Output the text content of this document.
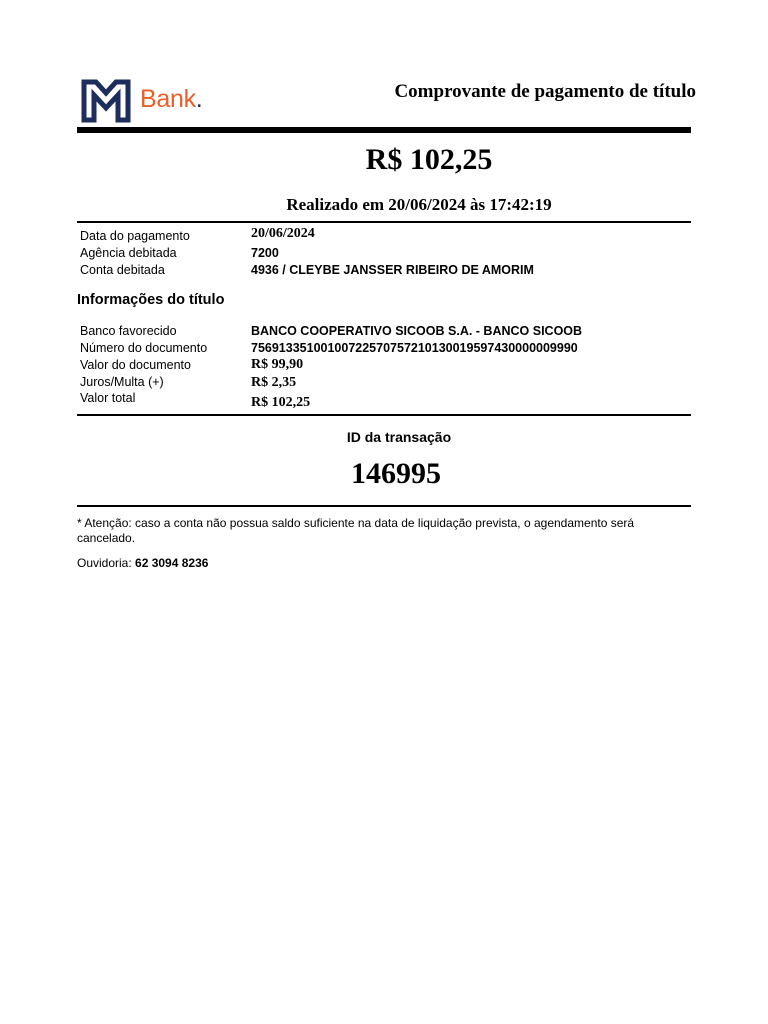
Bank.	Comprovante de pagamento de título
R$ 102,25
Realizado em 20/06/2024 às 17:42:19
Data do pagamento	20/06/2024
Agência debitada	7200
Conta debitada	4936 / CLEYBE JANSSER RIBEIRO DE AMORIM
Informações do título
Banco favorecido	BANCO COOPERATIVO SICOOB S.A. - BANCO SICOOB
Número do documento	75691335100100722570757210130019597430000009990
Valor do documento	R$ 99,90
Juros/Multa (+)	R$ 2,35
Valor total	R$ 102,25
ID da transação
146995
* Atenção: caso a conta não possua saldo suficiente na data de liquidação prevista, o agendamento será cancelado.
Ouvidoria: 62 3094 8236
